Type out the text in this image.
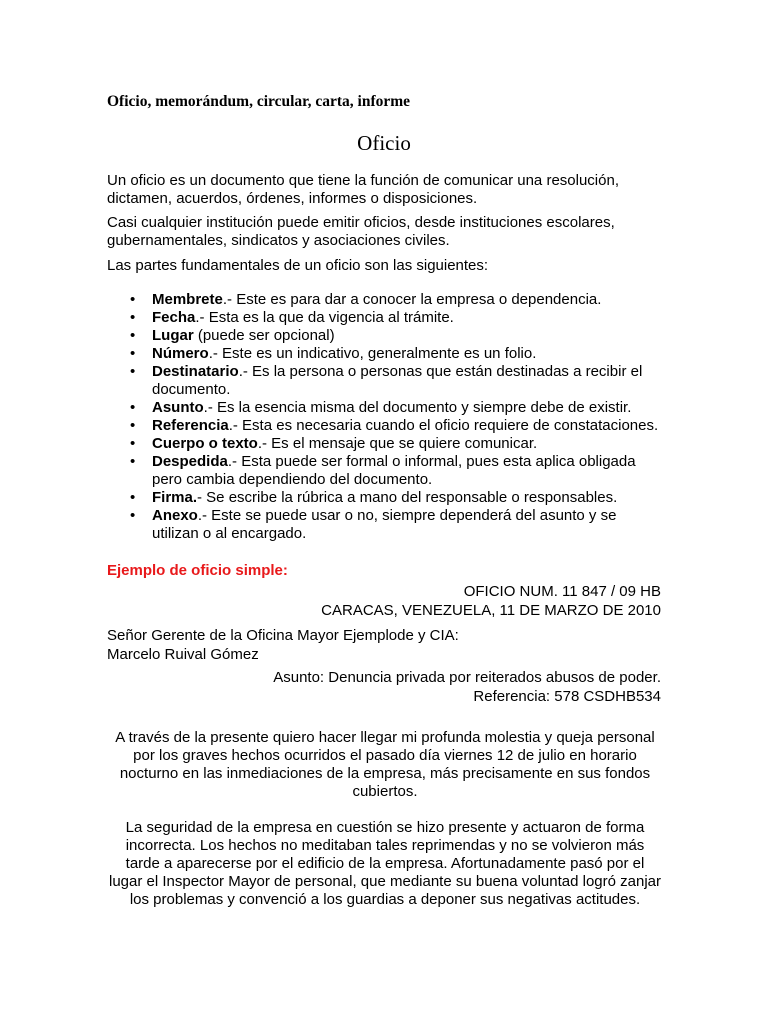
Oficio, memorándum, circular, carta, informe
Oficio
Un oficio es un documento que tiene la función de comunicar una resolución,
dictamen, acuerdos, órdenes, informes o disposiciones.
Casi cualquier institución puede emitir oficios, desde instituciones escolares,
gubernamentales, sindicatos y asociaciones civiles.
Las partes fundamentales de un oficio son las siguientes:
• Membrete.- Este es para dar a conocer la empresa o dependencia.
• Fecha.- Esta es la que da vigencia al trámite.
• Lugar (puede ser opcional)
• Número.- Este es un indicativo, generalmente es un folio.
• Destinatario.- Es la persona o personas que están destinadas a recibir el
documento.
• Asunto.- Es la esencia misma del documento y siempre debe de existir.
• Referencia.- Esta es necesaria cuando el oficio requiere de constataciones.
• Cuerpo o texto.- Es el mensaje que se quiere comunicar.
• Despedida.- Esta puede ser formal o informal, pues esta aplica obligada
pero cambia dependiendo del documento.
• Firma.- Se escribe la rúbrica a mano del responsable o responsables.
• Anexo.- Este se puede usar o no, siempre dependerá del asunto y se
utilizan o al encargado.
Ejemplo de oficio simple:
OFICIO NUM. 11 847 / 09 HB
CARACAS, VENEZUELA, 11 DE MARZO DE 2010
Señor Gerente de la Oficina Mayor Ejemplode y CIA:
Marcelo Ruival Gómez
Asunto: Denuncia privada por reiterados abusos de poder.
Referencia: 578 CSDHB534
A través de la presente quiero hacer llegar mi profunda molestia y queja personal
por los graves hechos ocurridos el pasado día viernes 12 de julio en horario
nocturno en las inmediaciones de la empresa, más precisamente en sus fondos
cubiertos.
La seguridad de la empresa en cuestión se hizo presente y actuaron de forma
incorrecta. Los hechos no meditaban tales reprimendas y no se volvieron más
tarde a aparecerse por el edificio de la empresa. Afortunadamente pasó por el
lugar el Inspector Mayor de personal, que mediante su buena voluntad logró zanjar
los problemas y convenció a los guardias a deponer sus negativas actitudes.
